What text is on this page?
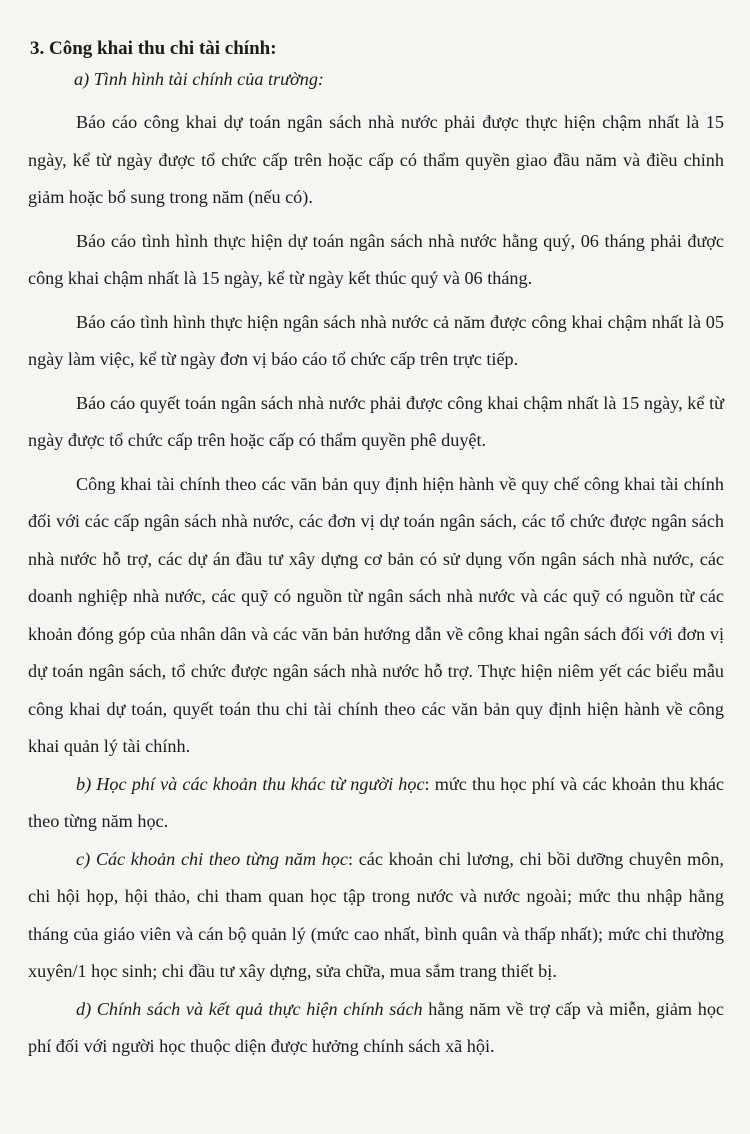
3. Công khai thu chi tài chính:

a) Tình hình tài chính của trường:

Báo cáo công khai dự toán ngân sách nhà nước phải được thực hiện chậm nhất là 15 ngày, kể từ ngày được tổ chức cấp trên hoặc cấp có thẩm quyền giao đầu năm và điều chỉnh giảm hoặc bổ sung trong năm (nếu có).

Báo cáo tình hình thực hiện dự toán ngân sách nhà nước hằng quý, 06 tháng phải được công khai chậm nhất là 15 ngày, kể từ ngày kết thúc quý và 06 tháng.

Báo cáo tình hình thực hiện ngân sách nhà nước cả năm được công khai chậm nhất là 05 ngày làm việc, kể từ ngày đơn vị báo cáo tổ chức cấp trên trực tiếp.

Báo cáo quyết toán ngân sách nhà nước phải được công khai chậm nhất là 15 ngày, kể từ ngày được tổ chức cấp trên hoặc cấp có thẩm quyền phê duyệt.

Công khai tài chính theo các văn bản quy định hiện hành về quy chế công khai tài chính đối với các cấp ngân sách nhà nước, các đơn vị dự toán ngân sách, các tổ chức được ngân sách nhà nước hỗ trợ, các dự án đầu tư xây dựng cơ bản có sử dụng vốn ngân sách nhà nước, các doanh nghiệp nhà nước, các quỹ có nguồn từ ngân sách nhà nước và các quỹ có nguồn từ các khoản đóng góp của nhân dân và các văn bản hướng dẫn về công khai ngân sách đối với đơn vị dự toán ngân sách, tổ chức được ngân sách nhà nước hỗ trợ. Thực hiện niêm yết các biểu mẫu công khai dự toán, quyết toán thu chi tài chính theo các văn bản quy định hiện hành về công khai quản lý tài chính.

b) Học phí và các khoản thu khác từ người học: mức thu học phí và các khoản thu khác theo từng năm học.

c) Các khoản chi theo từng năm học: các khoản chi lương, chi bồi dưỡng chuyên môn, chi hội họp, hội thảo, chi tham quan học tập trong nước và nước ngoài; mức thu nhập hằng tháng của giáo viên và cán bộ quản lý (mức cao nhất, bình quân và thấp nhất); mức chi thường xuyên/1 học sinh; chi đầu tư xây dựng, sửa chữa, mua sắm trang thiết bị.

d) Chính sách và kết quả thực hiện chính sách hằng năm về trợ cấp và miễn, giảm học phí đối với người học thuộc diện được hưởng chính sách xã hội.
